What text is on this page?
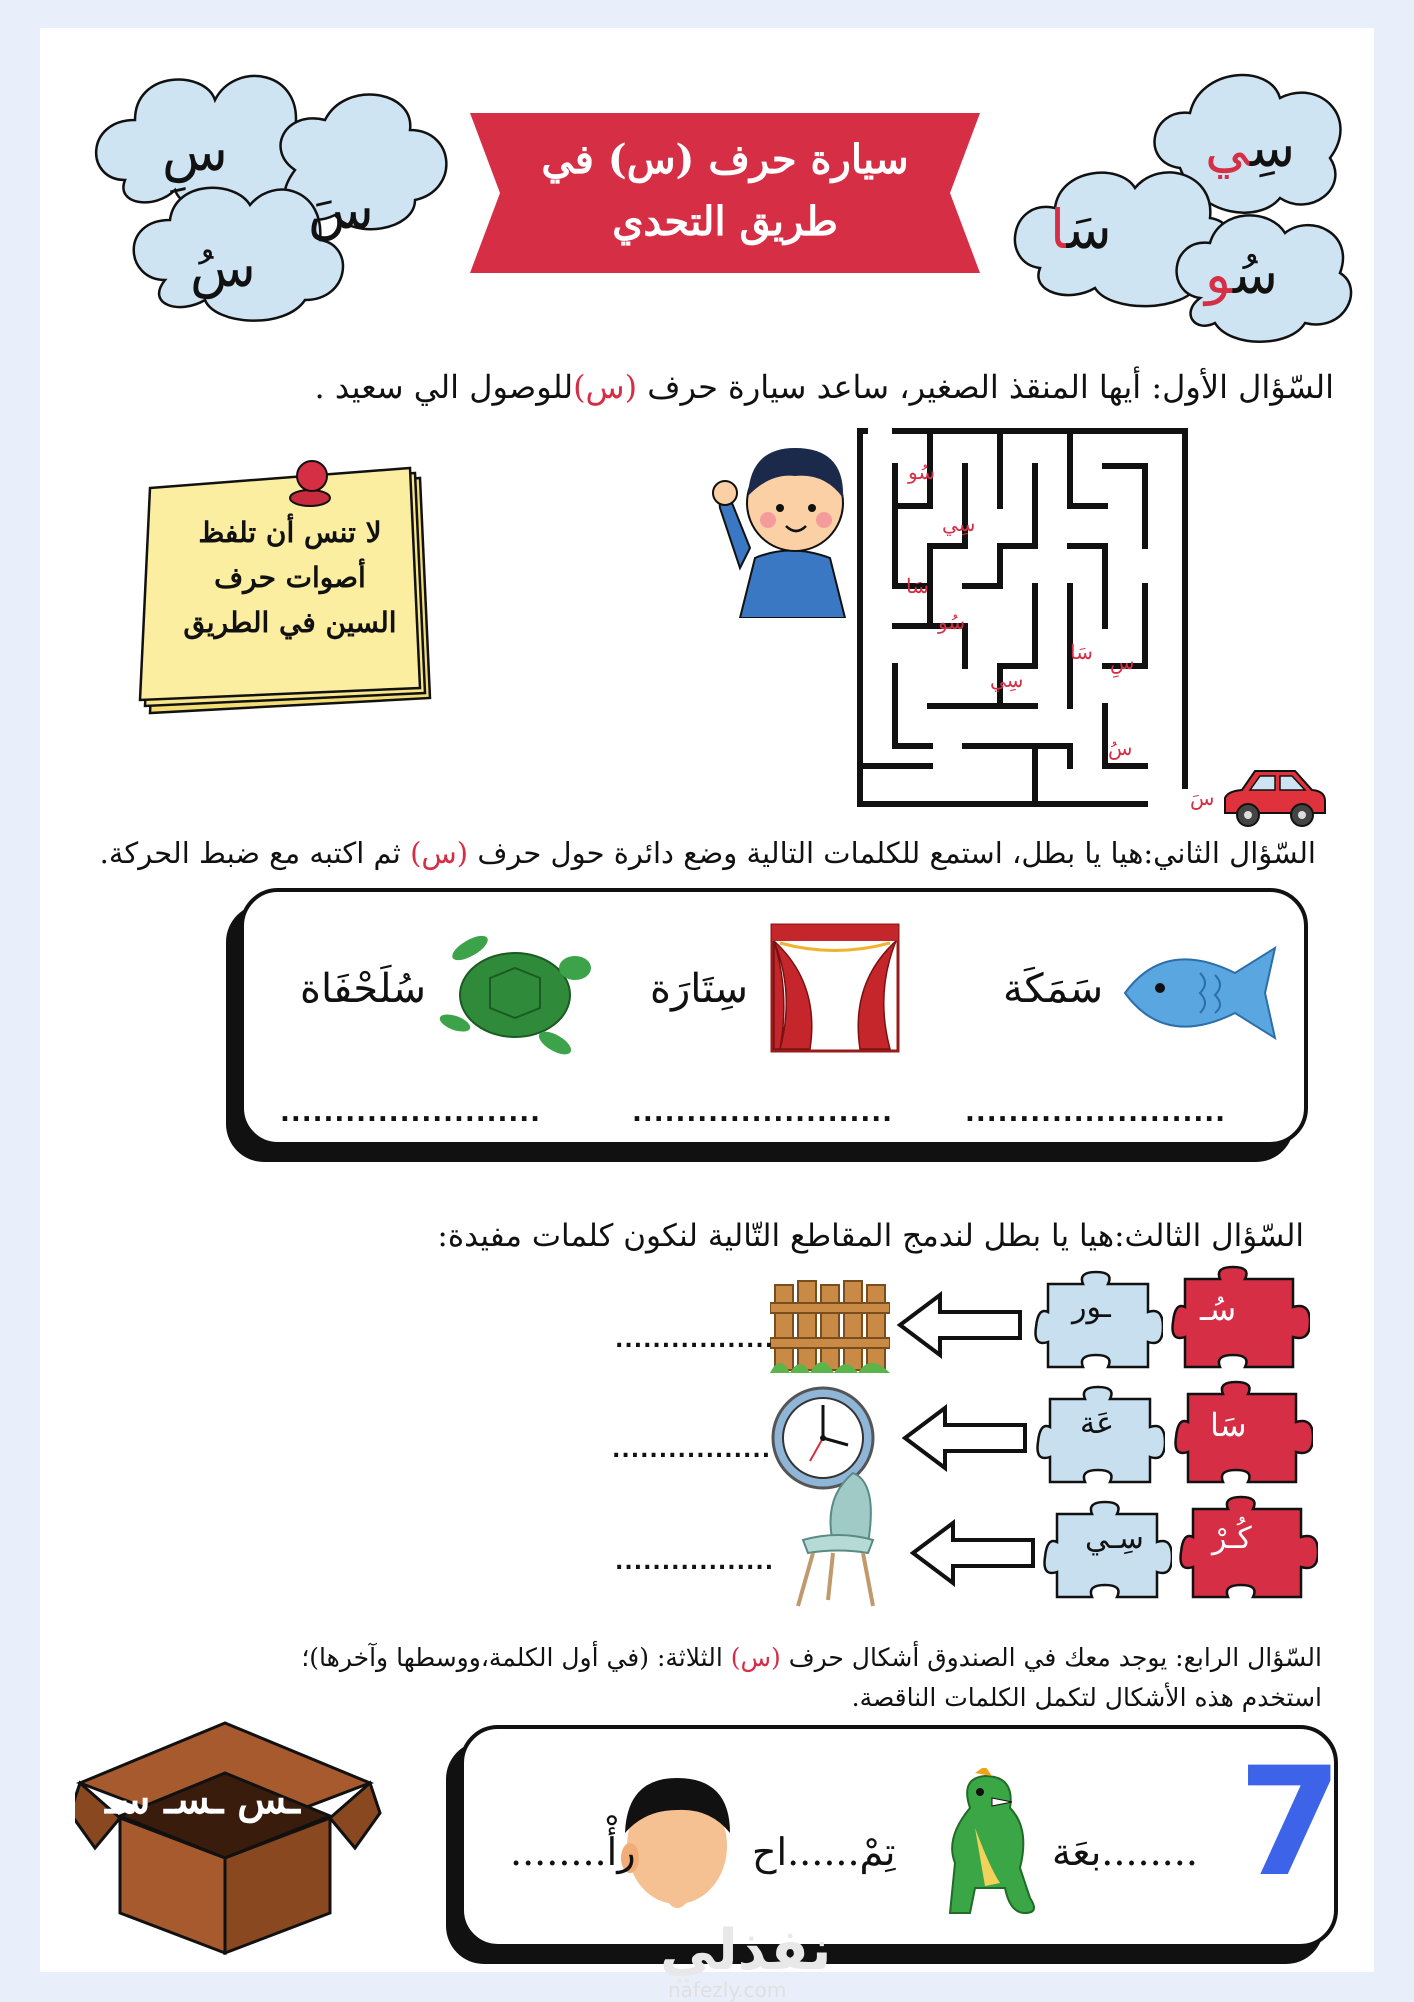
سِ
سَ
سُ
سيارة حرف (س) في
طريق التحدي
سِي
سَا
سُو
السّؤال الأول: أيها المنقذ الصغير، ساعد سيارة حرف (س)للوصول الي سعيد .
لا تنس أن تلفظ
أصوات حرف
السين في الطريق
سُو
سِي
سَا
سُو
سَا سِ
سِي
سُ
سَ
السّؤال الثاني:هيا يا بطل، استمع للكلمات التالية وضع دائرة حول حرف (س) ثم اكتبه مع ضبط الحركة.
سَمَكَة
سِتَارَة
سُلَحْفَاة
........................
........................
........................
السّؤال الثالث:هيا يا بطل لندمج المقاطع التّالية لنكون كلمات مفيدة:
سُـ
ـور
.................
سَا
عَة
.................
كُـرْ
سِـي
.................
السّؤال الرابع: يوجد معك في الصندوق أشكال حرف (س) الثلاثة: (في أول الكلمة،ووسطها وآخرها)؛
استخدم هذه الأشكال لتكمل الكلمات الناقصة.
ـس ـسـ سـ	7
........بعَة
تِمْ......اح
رأْ........
نفذلي
nafezly.com
